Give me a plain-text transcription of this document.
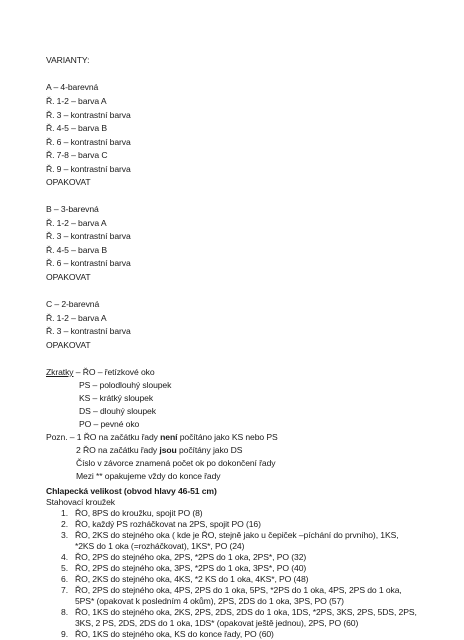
VARIANTY:
A – 4-barevná
Ř. 1-2 – barva A
Ř. 3 – kontrastní barva
Ř. 4-5 – barva B
Ř. 6 – kontrastní barva
Ř. 7-8 – barva C
Ř. 9 – kontrastní barva
OPAKOVAT
B – 3-barevná
Ř. 1-2 – barva A
Ř. 3 – kontrastní barva
Ř. 4-5 – barva B
Ř. 6 – kontrastní barva
OPAKOVAT
C – 2-barevná
Ř. 1-2 – barva A
Ř. 3 – kontrastní barva
OPAKOVAT
Zkratky – ŘO – řetízkové oko
PS – polodlouhý sloupek
KS – krátký sloupek
DS – dlouhý sloupek
PO – pevné oko
Pozn. – 1 ŘO na začátku řady není počítáno jako KS nebo PS
2 ŘO na začátku řady jsou počítány jako DS
Číslo v závorce znamená počet ok po dokončení řady
Mezi ** opakujeme vždy do konce řady
Chlapecká velikost (obvod hlavy 46-51 cm)
Stahovací kroužek
1. ŘO, 8PS do kroužku, spojit PO (8)
2. ŘO, každý PS rozháčkovat na 2PS, spojit PO (16)
3. ŘO, 2KS do stejného oka ( kde je ŘO, stejně jako u čepiček –píchání do prvního), 1KS,
*2KS do 1 oka (=rozháčkovat), 1KS*, PO (24)
4. ŘO, 2PS do stejného oka, 2PS, *2PS do 1 oka, 2PS*, PO (32)
5. ŘO, 2PS do stejného oka, 3PS, *2PS do 1 oka, 3PS*, PO (40)
6. ŘO, 2KS do stejného oka, 4KS, *2 KS do 1 oka, 4KS*, PO (48)
7. ŘO, 2PS do stejného oka, 4PS, 2PS do 1 oka, 5PS, *2PS do 1 oka, 4PS, 2PS do 1 oka,
5PS* (opakovat k posledním 4 okům), 2PS, 2DS do 1 oka, 3PS, PO (57)
8. ŘO, 1KS do stejného oka, 2KS, 2PS, 2DS, 2DS do 1 oka, 1DS, *2PS, 3KS, 2PS, 5DS, 2PS,
3KS, 2 PS, 2DS, 2DS do 1 oka, 1DS* (opakovat ještě jednou), 2PS, PO (60)
9. ŘO, 1KS do stejného oka, KS do konce řady, PO (60)
